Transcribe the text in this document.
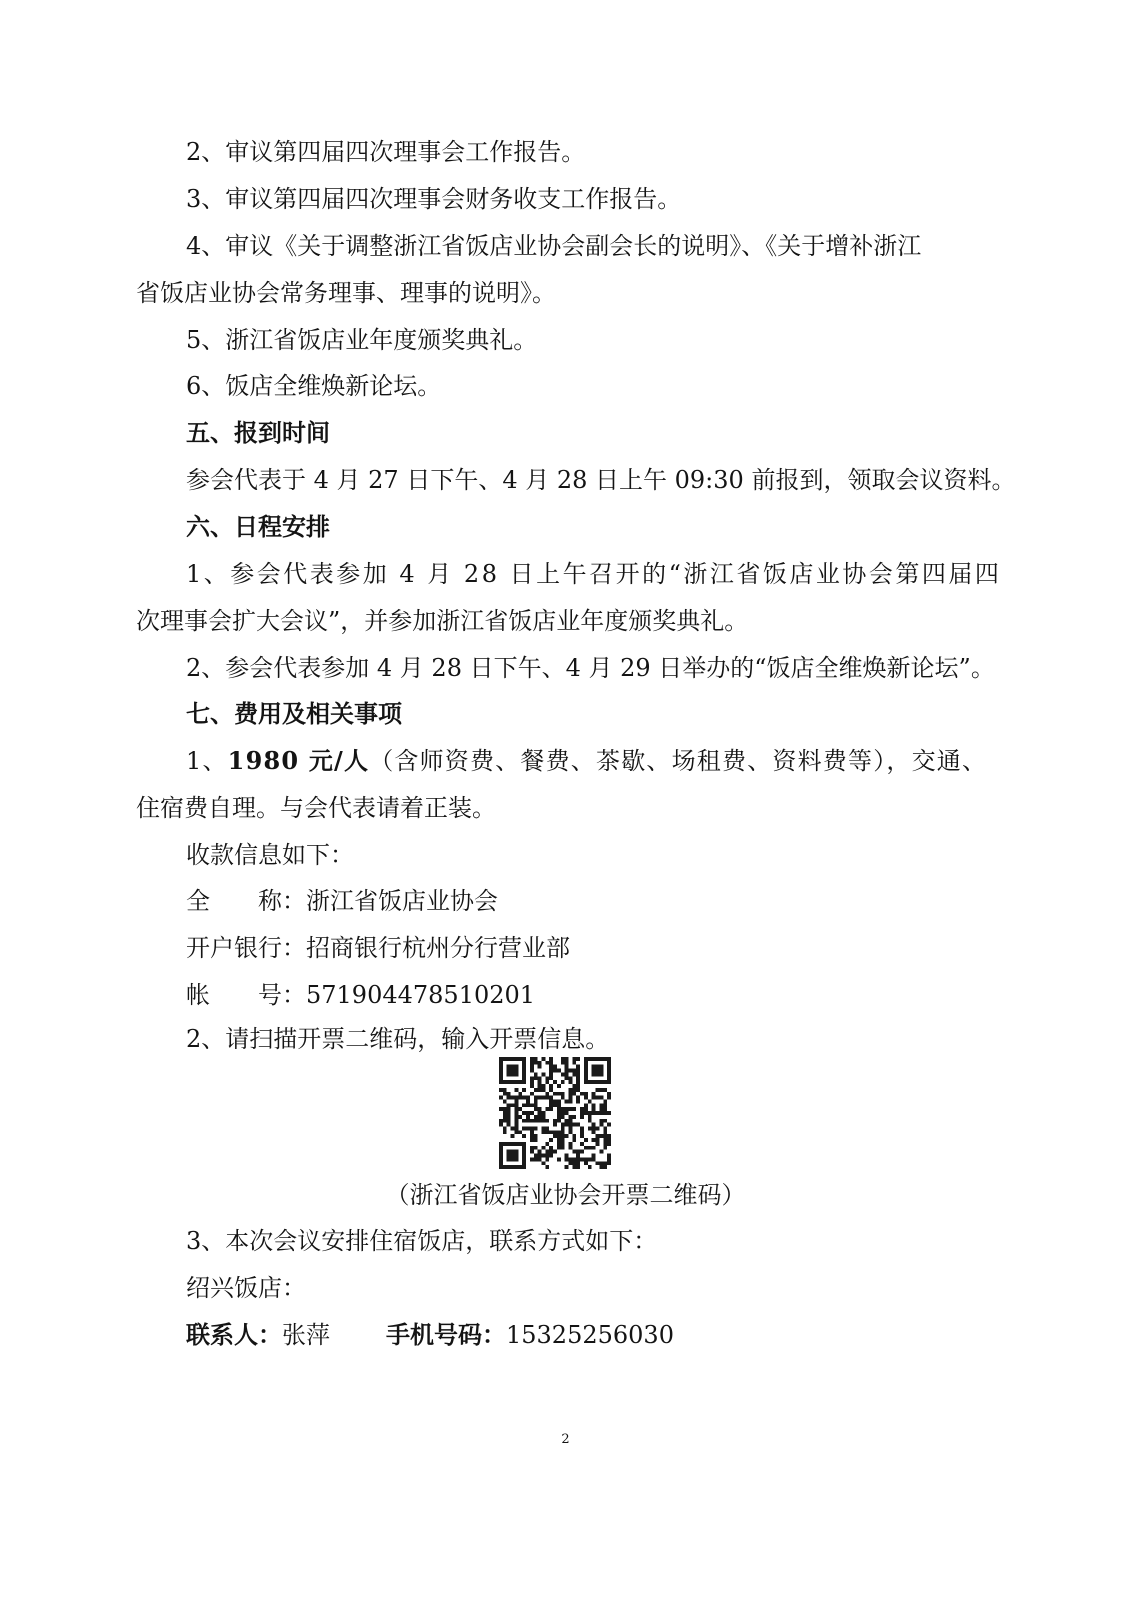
2、审议第四届四次理事会工作报告。
3、审议第四届四次理事会财务收支工作报告。
4、审议《关于调整浙江省饭店业协会副会长的说明》、《关于增补浙江
省饭店业协会常务理事、理事的说明》。
5、浙江省饭店业年度颁奖典礼。
6、饭店全维焕新论坛。
五、报到时间
参会代表于 4 月 27 日下午、4 月 28 日上午 09:30 前报到，领取会议资料。
六、日程安排
1、参会代表参加 4 月 28 日上午召开的“浙江省饭店业协会第四届四
次理事会扩大会议”，并参加浙江省饭店业年度颁奖典礼。
2、参会代表参加 4 月 28 日下午、4 月 29 日举办的“饭店全维焕新论坛”。
七、费用及相关事项
1、1980 元/人（含师资费、餐费、茶歇、场租费、资料费等），交通、
住宿费自理。与会代表请着正装。
收款信息如下：
全　　称：浙江省饭店业协会
开户银行：招商银行杭州分行营业部
帐　　号：571904478510201
2、请扫描开票二维码，输入开票信息。
（浙江省饭店业协会开票二维码）
3、本次会议安排住宿饭店，联系方式如下：
绍兴饭店：
联系人：张萍 手机号码：15325256030
2
